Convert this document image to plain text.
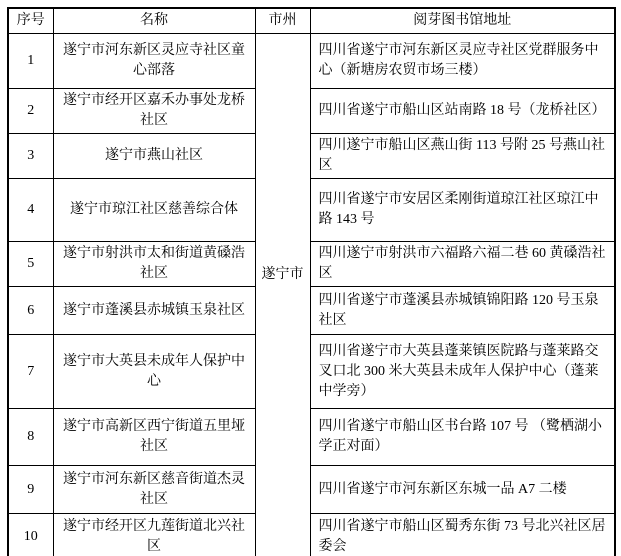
序号	名称	市州	阅芽图书馆地址
1	遂宁市河东新区灵应寺社区童心部落	遂宁市	四川省遂宁市河东新区灵应寺社区党群服务中心（新塘房农贸市场三楼）
2	遂宁市经开区嘉禾办事处龙桥社区		四川省遂宁市船山区站南路 18 号（龙桥社区）
3	遂宁市燕山社区		四川遂宁市船山区燕山街 113 号附 25 号燕山社区
4	遂宁市琼江社区慈善综合体		四川省遂宁市安居区柔刚街道琼江社区琼江中路 143 号
5	遂宁市射洪市太和街道黄磉浩社区		四川遂宁市射洪市六福路六福二巷 60 黄磉浩社区
6	遂宁市蓬溪县赤城镇玉泉社区		四川省遂宁市蓬溪县赤城镇锦阳路 120 号玉泉社区
7	遂宁市大英县未成年人保护中心		四川省遂宁市大英县蓬莱镇医院路与蓬莱路交叉口北 300 米大英县未成年人保护中心（蓬莱中学旁）
8	遂宁市高新区西宁街道五里垭社区		四川省遂宁市船山区书台路 107 号 （鹭栖湖小学正对面）
9	遂宁市河东新区慈音街道杰灵社区		四川省遂宁市河东新区东城一品 A7 二楼
10	遂宁市经开区九莲街道北兴社区		四川省遂宁市船山区蜀秀东街 73 号北兴社区居委会
